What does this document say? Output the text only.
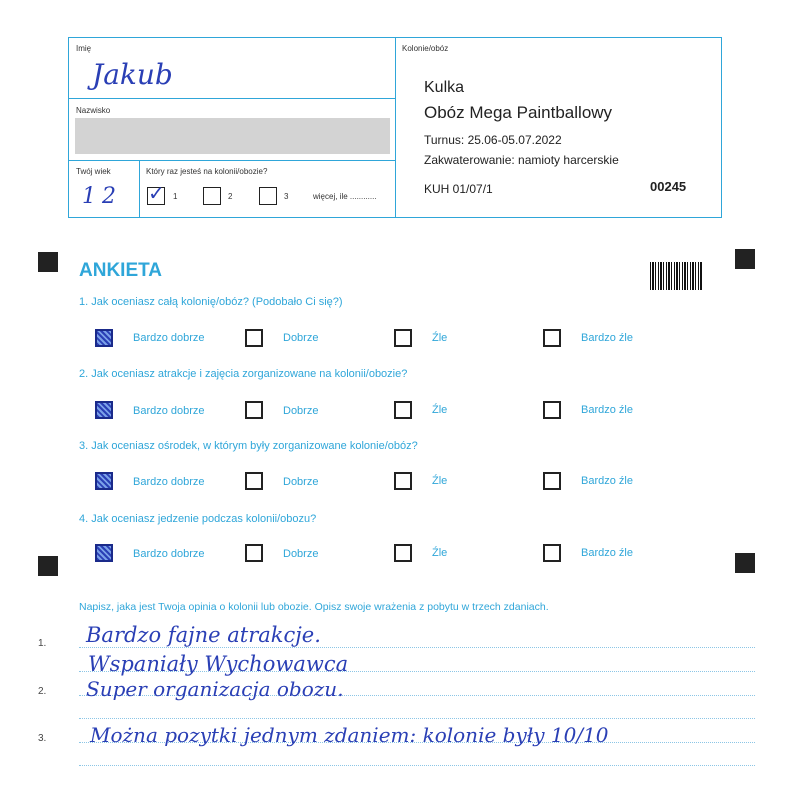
Imię
Jakub
Nazwisko
Twój wiek
12
Który raz jesteś na kolonii/obozie?
✓ 1	2	3	więcej, ile ............
Kolonie/obóz
Kulka
Obóz Mega Paintballowy
Turnus: 25.06-05.07.2022
Zakwaterowanie: namioty harcerskie
KUH 01/07/1	00245
ANKIETA
1. Jak oceniasz całą kolonię/obóz? (Podobało Ci się?)
Bardzo dobrze	Dobrze	Źle	Bardzo źle
2. Jak oceniasz atrakcje i zajęcia zorganizowane na kolonii/obozie?
Bardzo dobrze	Dobrze	Źle	Bardzo źle
3. Jak oceniasz ośrodek, w którym były zorganizowane kolonie/obóz?
Bardzo dobrze	Dobrze	Źle	Bardzo źle
4. Jak oceniasz jedzenie podczas kolonii/obozu?
Bardzo dobrze	Dobrze	Źle	Bardzo źle
Napisz, jaka jest Twoja opinia o kolonii lub obozie. Opisz swoje wrażenia z pobytu w trzech zdaniach.
1.
2.
3.
Bardzo fajne atrakcje.
Wspaniały Wychowawca
Super organizacja obozu.
Można pozytki jednym zdaniem: kolonie były 10/10
